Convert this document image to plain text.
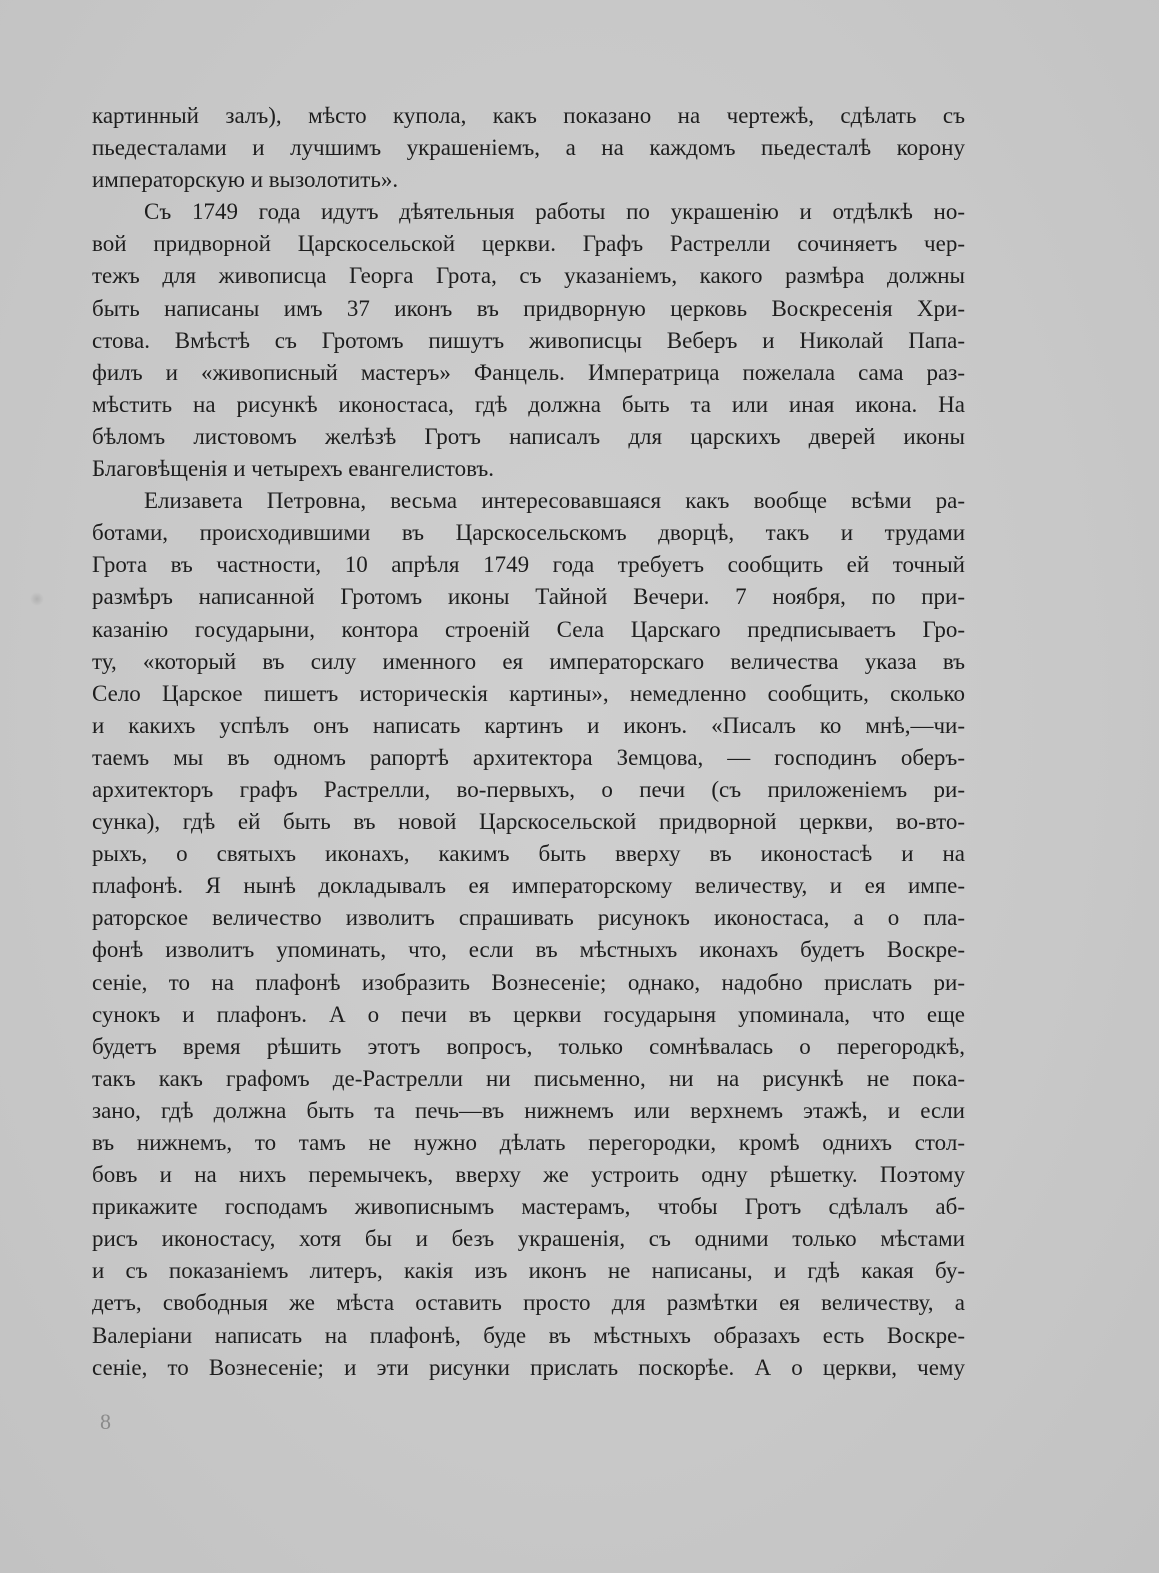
картинный залъ), мѣсто купола, какъ показано на чертежѣ, сдѣлать съ
пьедесталами и лучшимъ украшеніемъ, а на каждомъ пьедесталѣ корону
императорскую и вызолотить».
Съ 1749 года идутъ дѣятельныя работы по украшенію и отдѣлкѣ но-
вой придворной Царскосельской церкви. Графъ Растрелли сочиняетъ чер-
тежъ для живописца Георга Грота, съ указаніемъ, какого размѣра должны
быть написаны имъ 37 иконъ въ придворную церковь Воскресенія Хри-
стова. Вмѣстѣ съ Гротомъ пишутъ живописцы Веберъ и Николай Папа-
филъ и «живописный мастеръ» Фанцель. Императрица пожелала сама раз-
мѣстить на рисункѣ иконостаса, гдѣ должна быть та или иная икона. На
бѣломъ листовомъ желѣзѣ Гротъ написалъ для царскихъ дверей иконы
Благовѣщенія и четырехъ евангелистовъ.
Елизавета Петровна, весьма интересовавшаяся какъ вообще всѣми ра-
ботами, происходившими въ Царскосельскомъ дворцѣ, такъ и трудами
Грота въ частности, 10 апрѣля 1749 года требуетъ сообщить ей точный
размѣръ написанной Гротомъ иконы Тайной Вечери. 7 ноября, по при-
казанію государыни, контора строеній Села Царскаго предписываетъ Гро-
ту, «который въ силу именного ея императорскаго величества указа въ
Село Царское пишетъ историческія картины», немедленно сообщить, сколько
и какихъ успѣлъ онъ написать картинъ и иконъ. «Писалъ ко мнѣ,—чи-
таемъ мы въ одномъ рапортѣ архитектора Земцова, — господинъ оберъ-
архитекторъ графъ Растрелли, во-первыхъ, о печи (съ приложеніемъ ри-
сунка), гдѣ ей быть въ новой Царскосельской придворной церкви, во-вто-
рыхъ, о святыхъ иконахъ, какимъ быть вверху въ иконостасѣ и на
плафонѣ. Я нынѣ докладывалъ ея императорскому величеству, и ея импе-
раторское величество изволитъ спрашивать рисунокъ иконостаса, а о пла-
фонѣ изволитъ упоминать, что, если въ мѣстныхъ иконахъ будетъ Воскре-
сеніе, то на плафонѣ изобразить Вознесеніе; однако, надобно прислать ри-
сунокъ и плафонъ. А о печи въ церкви государыня упоминала, что еще
будетъ время рѣшить этотъ вопросъ, только сомнѣвалась о перегородкѣ,
такъ какъ графомъ де-Растрелли ни письменно, ни на рисункѣ не пока-
зано, гдѣ должна быть та печь—въ нижнемъ или верхнемъ этажѣ, и если
въ нижнемъ, то тамъ не нужно дѣлать перегородки, кромѣ однихъ стол-
бовъ и на нихъ перемычекъ, вверху же устроить одну рѣшетку. Поэтому
прикажите господамъ живописнымъ мастерамъ, чтобы Гротъ сдѣлалъ аб-
рисъ иконостасу, хотя бы и безъ украшенія, съ одними только мѣстами
и съ показаніемъ литеръ, какія изъ иконъ не написаны, и гдѣ какая бу-
детъ, свободныя же мѣста оставить просто для размѣтки ея величеству, а
Валеріани написать на плафонѣ, буде въ мѣстныхъ образахъ есть Воскре-
сеніе, то Вознесеніе; и эти рисунки прислать поскорѣе. А о церкви, чему
8
